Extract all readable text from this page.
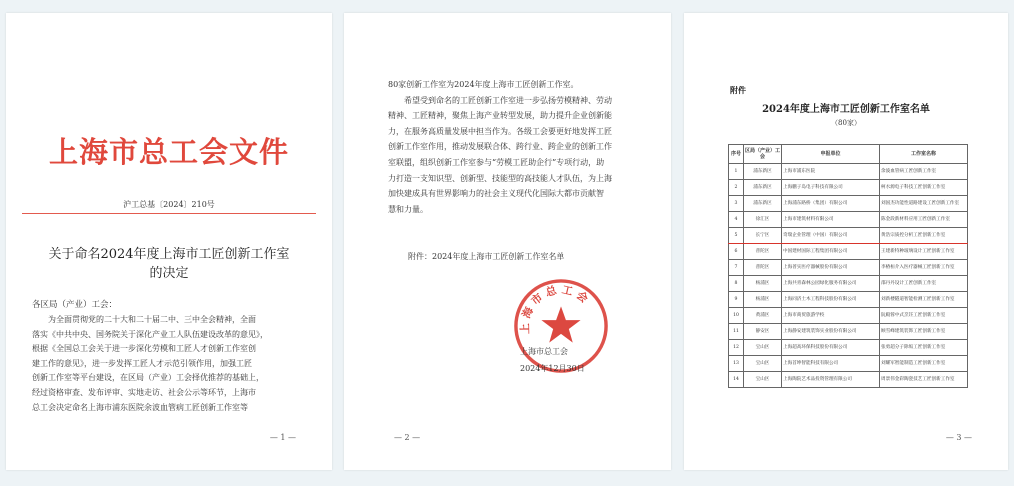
上海市总工会文件
沪工总基〔2024〕210号
关于命名2024年度上海市工匠创新工作室
的决定
各区局（产业）工会：
　　为全面贯彻党的二十大和二十届二中、三中全会精神，全面
落实《中共中央、国务院关于深化产业工人队伍建设改革的意见》，
根据《全国总工会关于进一步深化劳模和工匠人才创新工作室创
建工作的意见》，进一步发挥工匠人才示范引领作用，加强工匠
创新工作室等平台建设，在区局（产业）工会择优推荐的基础上，
经过资格审查、发布评审、实地走访、社会公示等环节，上海市
总工会决定命名上海市浦东医院余波血管病工匠创新工作室等
— 1 —
80家创新工作室为2024年度上海市工匠创新工作室。
　　希望受到命名的工匠创新工作室进一步弘扬劳模精神、劳动
精神、工匠精神，聚焦上海产业转型发展，助力提升企业创新能
力，在服务高质量发展中担当作为。各级工会要更好地发挥工匠
创新工作室作用，推动发展联合体、跨行业、跨企业的创新工作
室联盟，组织创新工作室参与“劳模工匠助企行”专项行动，助
力打造一支知识型、创新型、技能型的高技能人才队伍，为上海
加快建成具有世界影响力的社会主义现代化国际大都市贡献智
慧和力量。
附件：2024年度上海市工匠创新工作室名单
上海市总工会
上海市总工会
2024年12月30日
— 2 —
附件
2024年度上海市工匠创新工作室名单
（80家）
序号	区局（产业）工会	申报单位	工作室名称
1	浦东新区	上海市浦东医院	余波血管病工匠创新工作室
2	浦东新区	上海鹏子岛电子科技有限公司	柯水源电子科技工匠创新工作室
3	浦东新区	上海浦东路桥（集团）有限公司	刘国杰功能性道路建设工匠创新工作室
4	徐汇区	上海市建筑材料有限公司	陈金段新材料应用工匠创新工作室
5	长宁区	奇瑞企业管理（中国）有限公司	黄浩宗质控分析工匠创新工作室
6	普陀区	中国建材国际工程集团有限公司	王建新特种玻璃设计工匠创新工作室
7	普陀区	上海普实医疗器械股份有限公司	李椿桓介入医疗器械工匠创新工作室
8	杨浦区	上海共青森林公园绿化服务有限公司	邵丹丹设计工匠创新工作室
9	杨浦区	上海同济土木工程科技股份有限公司	刘新楼隧道智能检测工匠创新工作室
10	黄浦区	上海市商贸旅游学校	阮殿蓉中式烹饪工匠创新工作室
11	静安区	上海静安建筑装饰实业股份有限公司	顾雪峰建筑装饰工匠创新工作室
12	宝山区	上海超高环保科技股份有限公司	张勇超分子除垢工匠创新工作室
13	宝山区	上海首坤智能科技有限公司	刘耀军智能制造工匠创新工作室
14	宝山区	上海陶院艺术品投资管理有限公司	周景伟金彩陶瓷技艺工匠创新工作室
— 3 —
